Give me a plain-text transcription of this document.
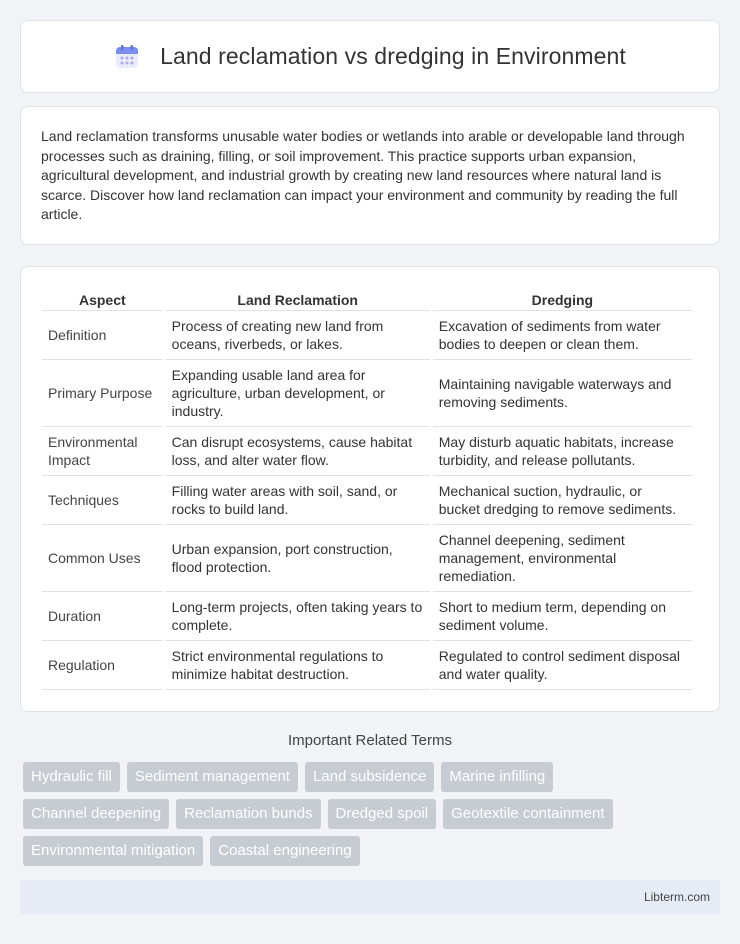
Land reclamation vs dredging in Environment

Land reclamation transforms unusable water bodies or wetlands into arable or developable land through processes such as draining, filling, or soil improvement. This practice supports urban expansion, agricultural development, and industrial growth by creating new land resources where natural land is scarce. Discover how land reclamation can impact your environment and community by reading the full article.

Aspect	Land Reclamation	Dredging
Definition	Process of creating new land from oceans, riverbeds, or lakes.	Excavation of sediments from water bodies to deepen or clean them.
Primary Purpose	Expanding usable land area for agriculture, urban development, or industry.	Maintaining navigable waterways and removing sediments.
Environmental Impact	Can disrupt ecosystems, cause habitat loss, and alter water flow.	May disturb aquatic habitats, increase turbidity, and release pollutants.
Techniques	Filling water areas with soil, sand, or rocks to build land.	Mechanical suction, hydraulic, or bucket dredging to remove sediments.
Common Uses	Urban expansion, port construction, flood protection.	Channel deepening, sediment management, environmental remediation.
Duration	Long-term projects, often taking years to complete.	Short to medium term, depending on sediment volume.
Regulation	Strict environmental regulations to minimize habitat destruction.	Regulated to control sediment disposal and water quality.
Important Related Terms
Hydraulic fill	Sediment management	Land subsidence	Marine infilling
Channel deepening	Reclamation bunds	Dredged spoil	Geotextile containment
Environmental mitigation	Coastal engineering
Libterm.com
